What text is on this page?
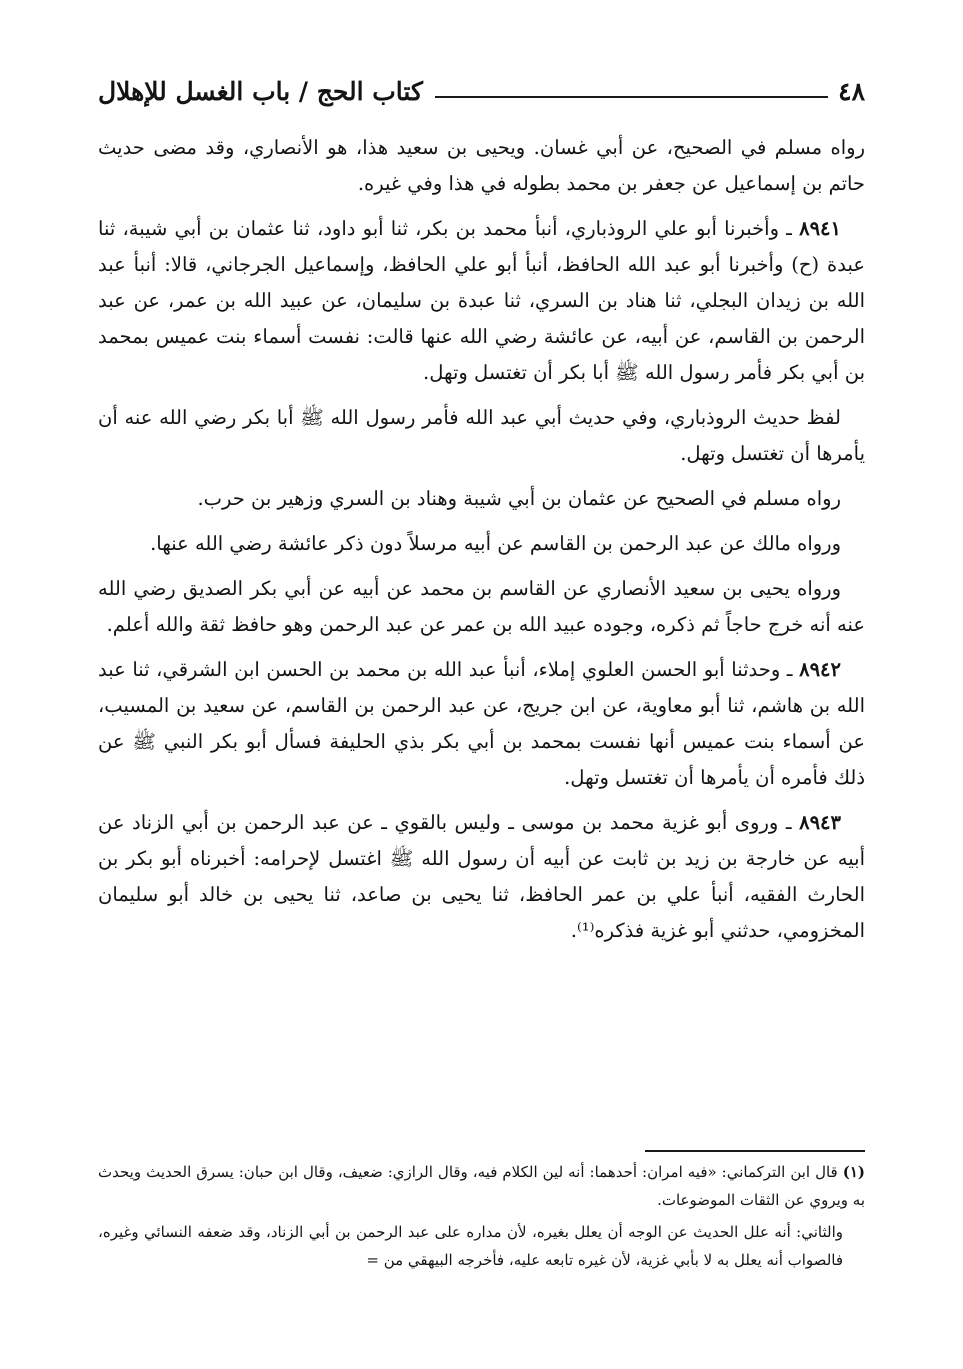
٤٨
كتاب الحج / باب الغسل للإهلال

رواه مسلم في الصحيح، عن أبي غسان. ويحيى بن سعيد هذا، هو الأنصاري، وقد مضى حديث حاتم بن إسماعيل عن جعفر بن محمد بطوله في هذا وفي غيره.

٨٩٤١ ـ وأخبرنا أبو علي الروذباري، أنبأ محمد بن بكر، ثنا أبو داود، ثنا عثمان بن أبي شيبة، ثنا عبدة (ح) وأخبرنا أبو عبد الله الحافظ، أنبأ أبو علي الحافظ، وإسماعيل الجرجاني، قالا: أنبأ عبد الله بن زيدان البجلي، ثنا هناد بن السري، ثنا عبدة بن سليمان، عن عبيد الله بن عمر، عن عبد الرحمن بن القاسم، عن أبيه، عن عائشة رضي الله عنها قالت: نفست أسماء بنت عميس بمحمد بن أبي بكر فأمر رسول الله ﷺ أبا بكر أن تغتسل وتهل.

لفظ حديث الروذباري، وفي حديث أبي عبد الله فأمر رسول الله ﷺ أبا بكر رضي الله عنه أن يأمرها أن تغتسل وتهل.

رواه مسلم في الصحيح عن عثمان بن أبي شيبة وهناد بن السري وزهير بن حرب.

ورواه مالك عن عبد الرحمن بن القاسم عن أبيه مرسلاً دون ذكر عائشة رضي الله عنها.

ورواه يحيى بن سعيد الأنصاري عن القاسم بن محمد عن أبيه عن أبي بكر الصديق رضي الله عنه أنه خرج حاجاً ثم ذكره، وجوده عبيد الله بن عمر عن عبد الرحمن وهو حافظ ثقة والله أعلم.

٨٩٤٢ ـ وحدثنا أبو الحسن العلوي إملاء، أنبأ عبد الله بن محمد بن الحسن ابن الشرقي، ثنا عبد الله بن هاشم، ثنا أبو معاوية، عن ابن جريج، عن عبد الرحمن بن القاسم، عن سعيد بن المسيب، عن أسماء بنت عميس أنها نفست بمحمد بن أبي بكر بذي الحليفة فسأل أبو بكر النبي ﷺ عن ذلك فأمره أن يأمرها أن تغتسل وتهل.

٨٩٤٣ ـ وروى أبو غزية محمد بن موسى ـ وليس بالقوي ـ عن عبد الرحمن بن أبي الزناد عن أبيه عن خارجة بن زيد بن ثابت عن أبيه أن رسول الله ﷺ اغتسل لإحرامه: أخبرناه أبو بكر بن الحارث الفقيه، أنبأ علي بن عمر الحافظ، ثنا يحيى بن صاعد، ثنا يحيى بن خالد أبو سليمان المخزومي، حدثني أبو غزية فذكره⁽¹⁾.

(١) قال ابن التركماني: «فيه امران: أحدهما: أنه لين الكلام فيه، وقال الرازي: ضعيف، وقال ابن حبان: يسرق الحديث ويحدث به ويروي عن الثقات الموضوعات.

والثاني: أنه علل الحديث عن الوجه أن يعلل بغيره، لأن مداره على عبد الرحمن بن أبي الزناد، وقد ضعفه النسائي وغيره، فالصواب أنه يعلل به لا بأبي غزية، لأن غيره تابعه عليه، فأخرجه البيهقي من =
